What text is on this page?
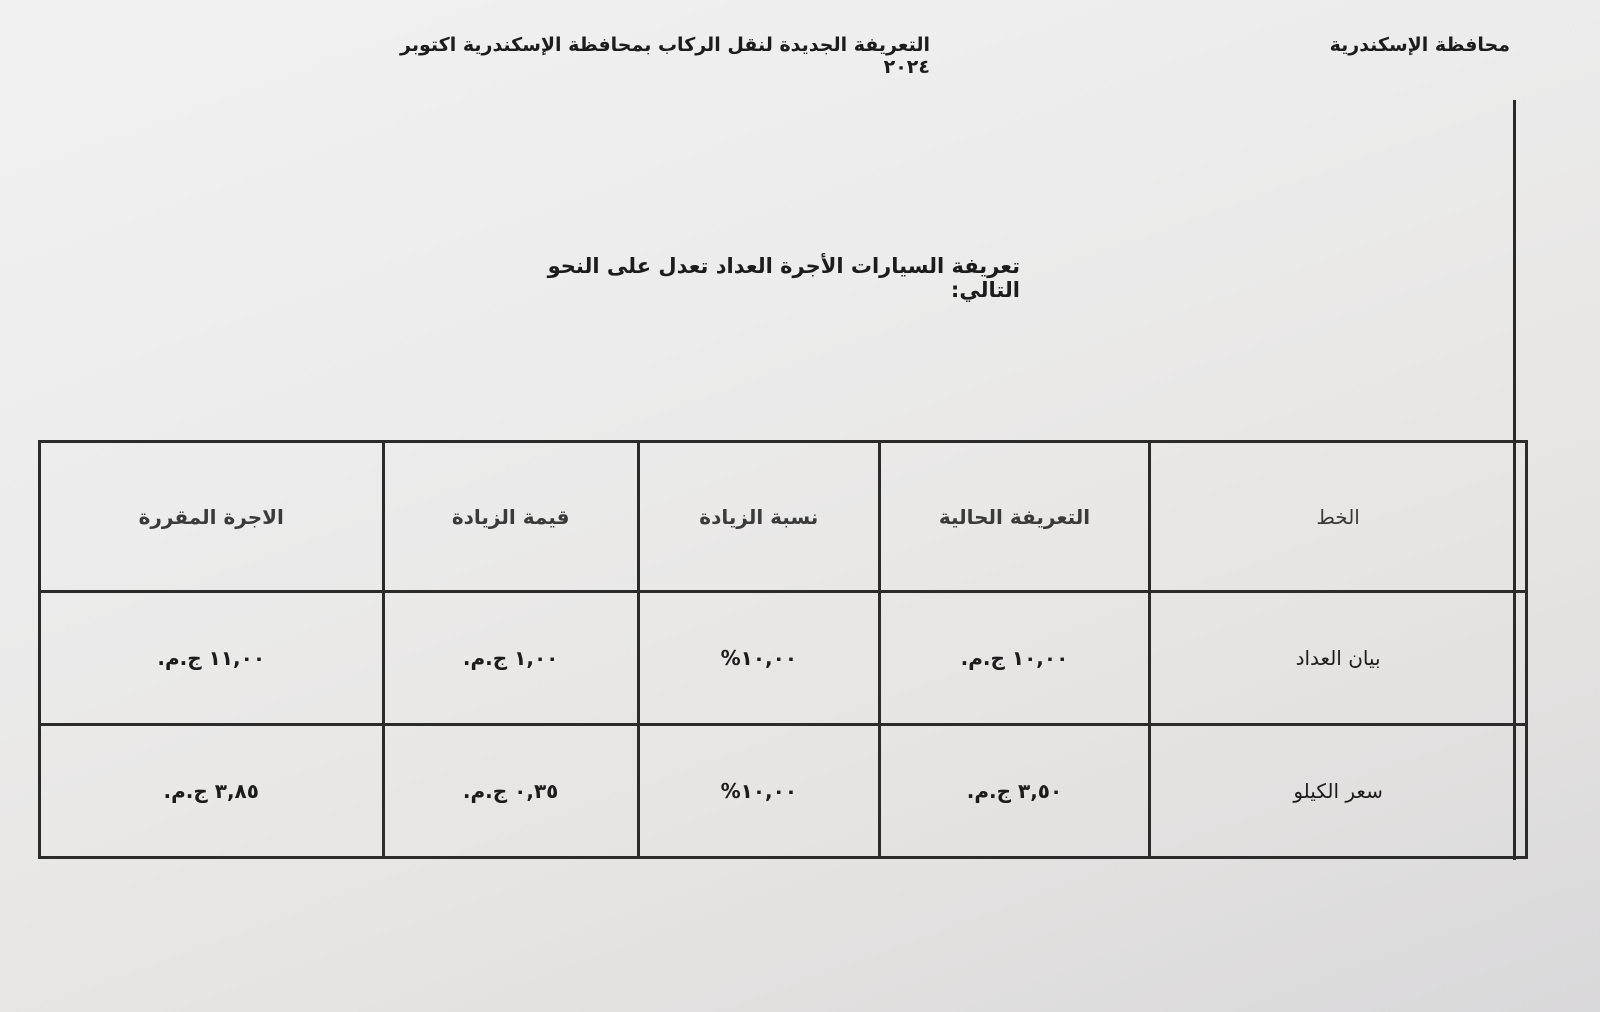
التعريفة الجديدة لنقل الركاب بمحافظة الإسكندرية اكتوبر ٢٠٢٤
محافظة الإسكندرية
تعريفة السيارات الأجرة العداد تعدل على النحو التالي:
الخط	التعريفة الحالية	نسبة الزيادة	قيمة الزيادة	الاجرة المقررة
بيان العداد	١٠,٠٠ ج.م.	١٠,٠٠%	١,٠٠ ج.م.	١١,٠٠ ج.م.
سعر الكيلو	٣,٥٠ ج.م.	١٠,٠٠%	٠,٣٥ ج.م.	٣,٨٥ ج.م.
